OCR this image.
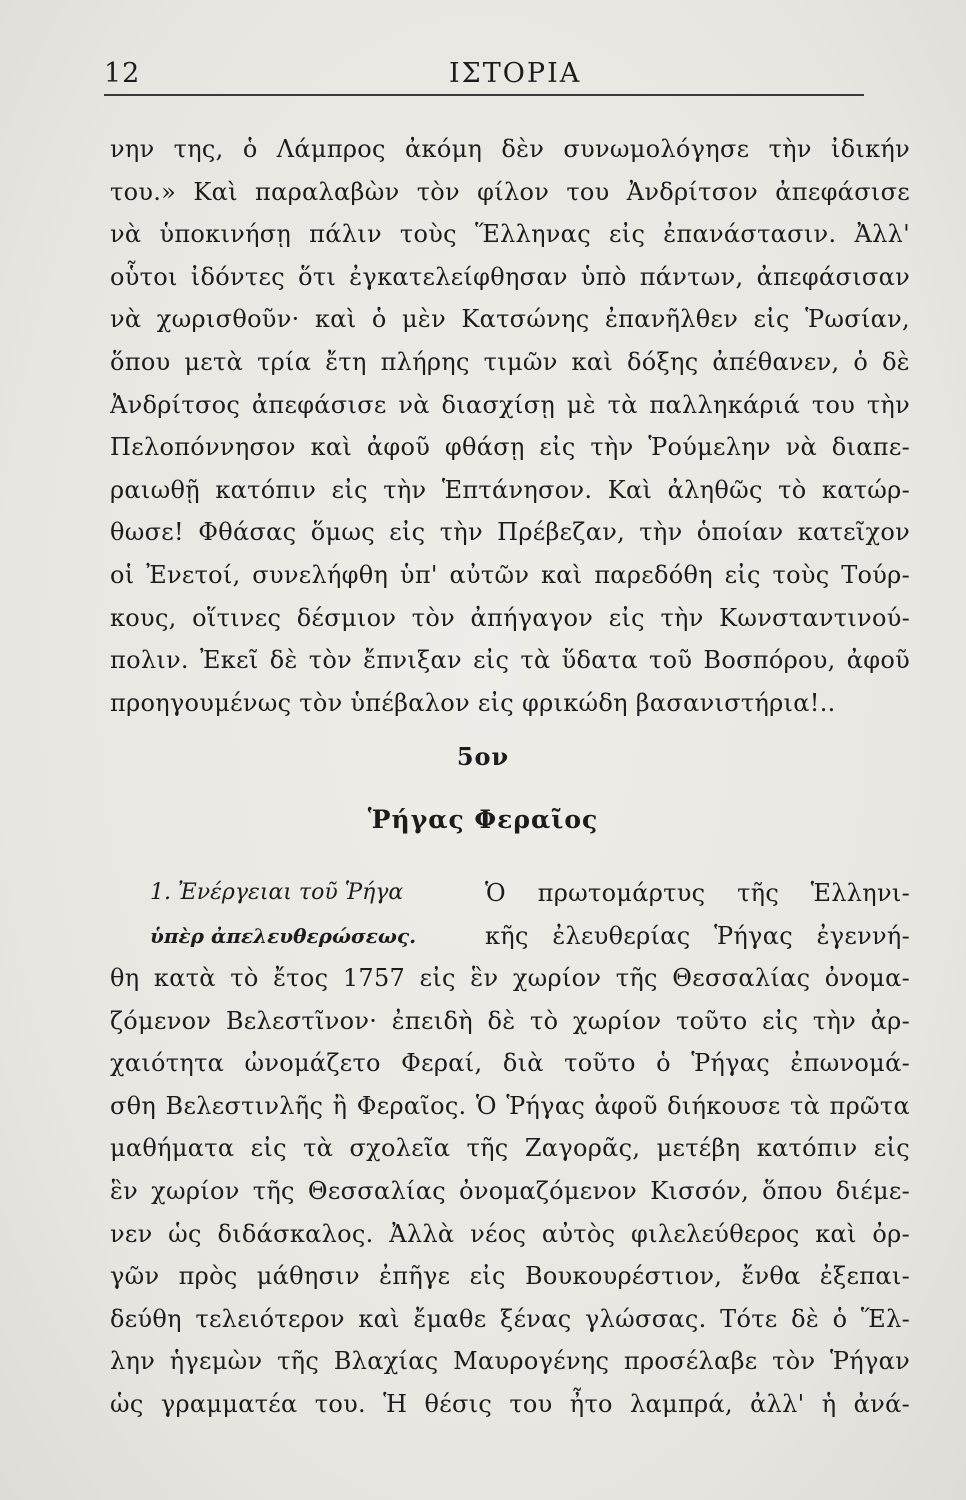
12	ΙΣΤΟΡΙΑ
νην της, ὁ Λάμπρος ἀκόμη δὲν συνωμολόγησε τὴν ἰδικήν
του.» Καὶ παραλαβὼν τὸν φίλον του Ἀνδρίτσον ἀπεφάσισε
νὰ ὑποκινήσῃ πάλιν τοὺς Ἕλληνας εἰς ἐπανάστασιν. Ἀλλ'
οὗτοι ἰδόντες ὅτι ἐγκατελείφθησαν ὑπὸ πάντων, ἀπεφάσισαν
νὰ χωρισθοῦν· καὶ ὁ μὲν Κατσώνης ἐπανῆλθεν εἰς Ῥωσίαν,
ὅπου μετὰ τρία ἔτη πλήρης τιμῶν καὶ δόξης ἀπέθανεν, ὁ δὲ
Ἀνδρίτσος ἀπεφάσισε νὰ διασχίσῃ μὲ τὰ παλληκάριά του τὴν
Πελοπόννησον καὶ ἀφοῦ φθάσῃ εἰς τὴν Ῥούμελην νὰ διαπε-
ραιωθῇ κατόπιν εἰς τὴν Ἑπτάνησον. Καὶ ἀληθῶς τὸ κατώρ-
θωσε! Φθάσας ὅμως εἰς τὴν Πρέβεζαν, τὴν ὁποίαν κατεῖχον
οἱ Ἐνετοί, συνελήφθη ὑπ' αὐτῶν καὶ παρεδόθη εἰς τοὺς Τούρ-
κους, οἵτινες δέσμιον τὸν ἀπήγαγον εἰς τὴν Κωνσταντινού-
πολιν. Ἐκεῖ δὲ τὸν ἔπνιξαν εἰς τὰ ὕδατα τοῦ Βοσπόρου, ἀφοῦ
προηγουμένως τὸν ὑπέβαλον εἰς φρικώδη βασανιστήρια!..
5ον
Ῥήγας Φεραῖος
1. Ἐνέργειαι τοῦ Ῥήγα
ὑπὲρ ἀπελευθερώσεως.
Ὁ πρωτομάρτυς τῆς Ἑλληνι-
κῆς ἐλευθερίας Ῥήγας ἐγεννή-
θη κατὰ τὸ ἔτος 1757 εἰς ἓν χωρίον τῆς Θεσσαλίας ὀνομα-
ζόμενον Βελεστῖνον· ἐπειδὴ δὲ τὸ χωρίον τοῦτο εἰς τὴν ἀρ-
χαιότητα ὠνομάζετο Φεραί, διὰ τοῦτο ὁ Ῥήγας ἐπωνομά-
σθη Βελεστινλῆς ἢ Φεραῖος. Ὁ Ῥήγας ἀφοῦ διήκουσε τὰ πρῶτα
μαθήματα εἰς τὰ σχολεῖα τῆς Ζαγορᾶς, μετέβη κατόπιν εἰς
ἓν χωρίον τῆς Θεσσαλίας ὀνομαζόμενον Κισσόν, ὅπου διέμε-
νεν ὡς διδάσκαλος. Ἀλλὰ νέος αὐτὸς φιλελεύθερος καὶ ὀρ-
γῶν πρὸς μάθησιν ἐπῆγε εἰς Βουκουρέστιον, ἔνθα ἐξεπαι-
δεύθη τελειότερον καὶ ἔμαθε ξένας γλώσσας. Τότε δὲ ὁ Ἕλ-
λην ἡγεμὼν τῆς Βλαχίας Μαυρογένης προσέλαβε τὸν Ῥήγαν
ὡς γραμματέα του. Ἡ θέσις του ἦτο λαμπρά, ἀλλ' ἡ ἀνά-
